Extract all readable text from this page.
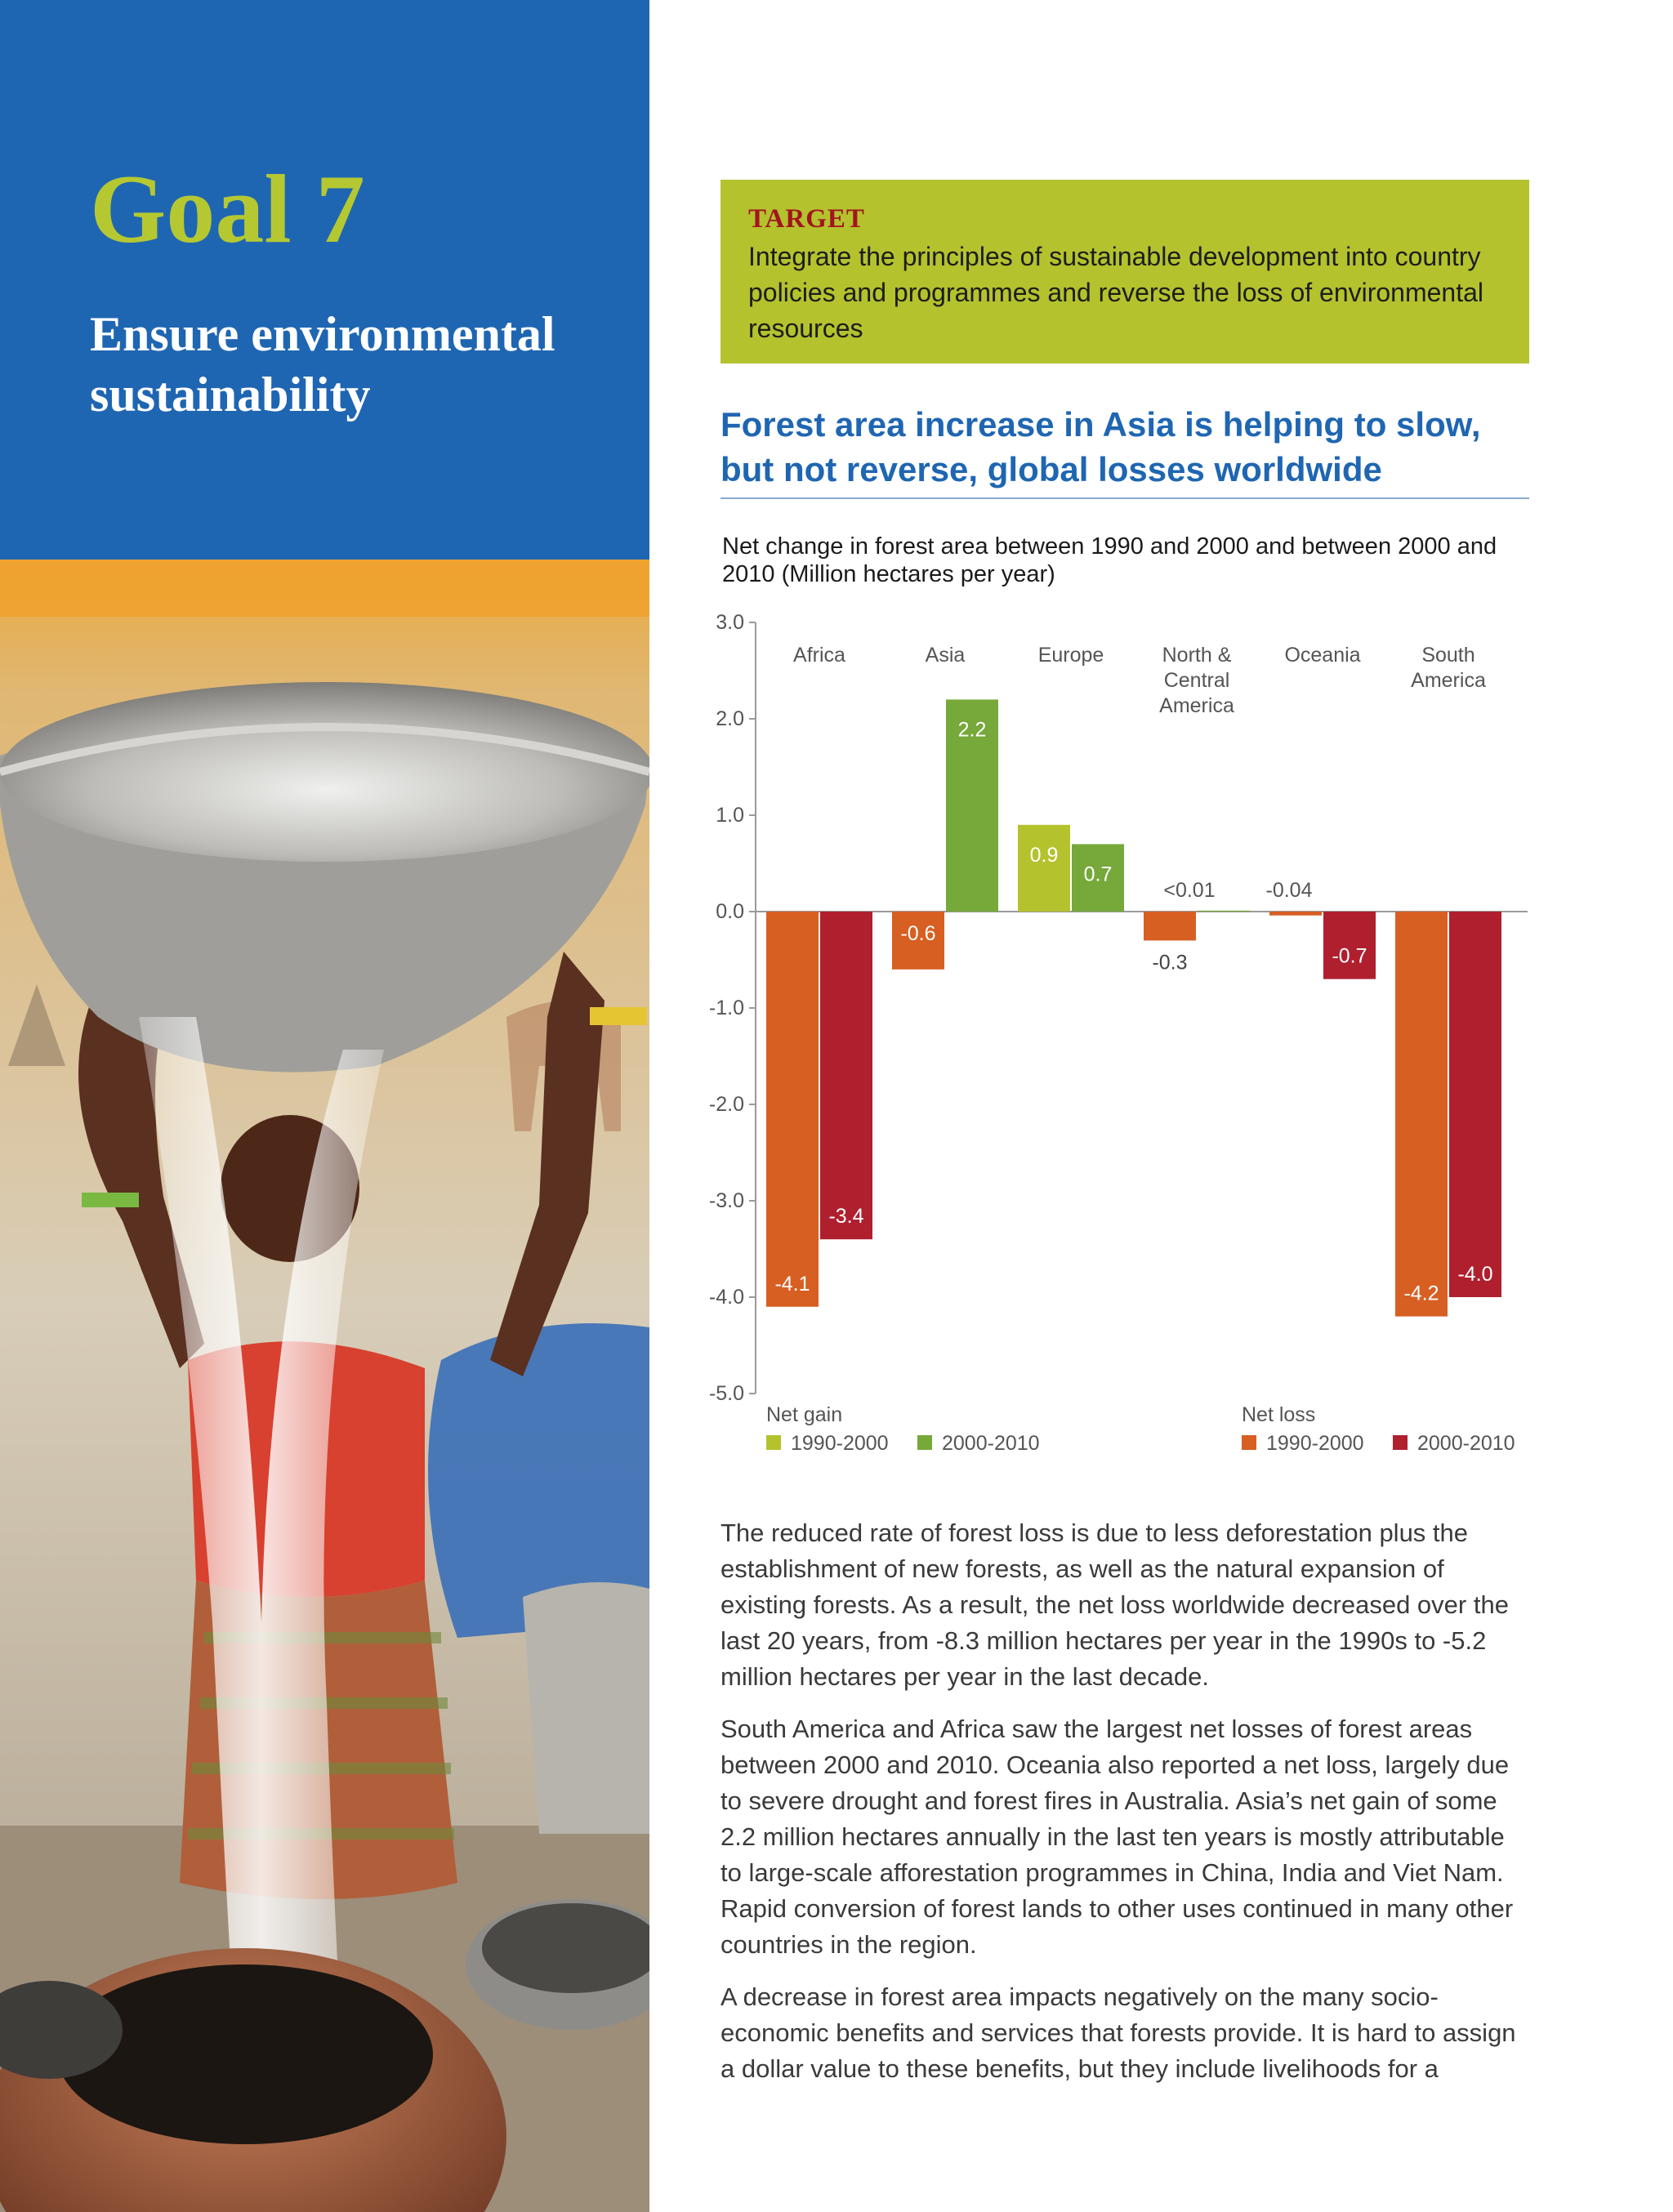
Goal 7
Ensure environmental sustainability
TARGET
Integrate the principles of sustainable development into country policies and programmes and reverse the loss of environmental resources
Forest area increase in Asia is helping to slow, but not reverse, global losses worldwide
Net change in forest area between 1990 and 2000 and between 2000 and 2010 (Million hectares per year)
3.0
2.0
1.0
0.0
-1.0
-2.0
-3.0
-4.0
-5.0
-4.1
-3.4
-0.6
2.2
0.9
0.7
-0.3
<0.01 -0.04
-0.7
-4.2
-4.0
Africa	Asia	Europe	North &
Central
America
Oceania	South
America
Net gain	Net loss
1990-2000	2000-2010	1990-2000	2000-2010

The reduced rate of forest loss is due to less deforestation plus the establishment of new forests, as well as the natural expansion of existing forests. As a result, the net loss worldwide decreased over the last 20 years, from -8.3 million hectares per year in the 1990s to -5.2 million hectares per year in the last decade.

South America and Africa saw the largest net losses of forest areas between 2000 and 2010. Oceania also reported a net loss, largely due to severe drought and forest fires in Australia. Asia’s net gain of some 2.2 million hectares annually in the last ten years is mostly attributable to large-scale afforestation programmes in China, India and Viet Nam. Rapid conversion of forest lands to other uses continued in many other countries in the region.

A decrease in forest area impacts negatively on the many socio-economic benefits and services that forests provide. It is hard to assign a dollar value to these benefits, but they include livelihoods for a
